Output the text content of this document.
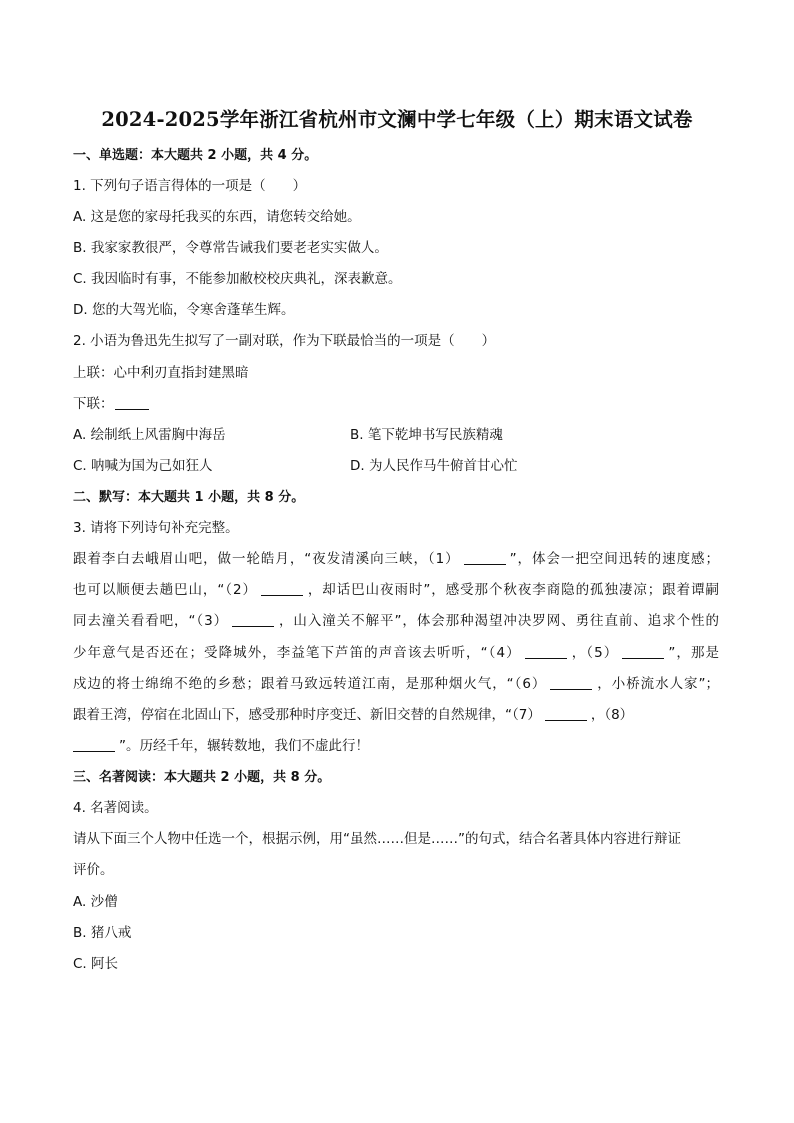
2024-2025学年浙江省杭州市文澜中学七年级（上）期末语文试卷
一、单选题：本大题共 2 小题，共 4 分。
1. 下列句子语言得体的一项是（　　）
A. 这是您的家母托我买的东西，请您转交给她。
B. 我家家教很严，令尊常告诫我们要老老实实做人。
C. 我因临时有事，不能参加敝校校庆典礼，深表歉意。
D. 您的大驾光临，令寒舍蓬荜生辉。
2. 小语为鲁迅先生拟写了一副对联，作为下联最恰当的一项是（　　）
上联：心中利刃直指封建黑暗
下联：
A. 绘制纸上风雷胸中海岳	B. 笔下乾坤书写民族精魂
C. 呐喊为国为己如狂人	D. 为人民作马牛俯首甘心忙
二、默写：本大题共 1 小题，共 8 分。
3. 请将下列诗句补充完整。
跟着李白去峨眉山吧，做一轮皓月，“夜发清溪向三峡，（1）	”，体会一把空间迅转的速度感；
也可以顺便去趟巴山，“（2）	，却话巴山夜雨时”，感受那个秋夜李商隐的孤独凄凉；跟着谭嗣
同去潼关看看吧，“（3）	，山入潼关不解平”，体会那种渴望冲决罗网、勇往直前、追求个性的
少年意气是否还在；受降城外，李益笔下芦笛的声音该去听听，“（4）	，（5）	”，那是
戍边的将士绵绵不绝的乡愁；跟着马致远转道江南，是那种烟火气，“（6）	，小桥流水人家”；
跟着王湾，停宿在北固山下，感受那种时序变迁、新旧交替的自然规律，“（7）	，（8）
”。历经千年，辗转数地，我们不虚此行！
三、名著阅读：本大题共 2 小题，共 8 分。
4. 名著阅读。
请从下面三个人物中任选一个，根据示例，用“虽然……但是……”的句式，结合名著具体内容进行辩证
评价。
A. 沙僧
B. 猪八戒
C. 阿长
